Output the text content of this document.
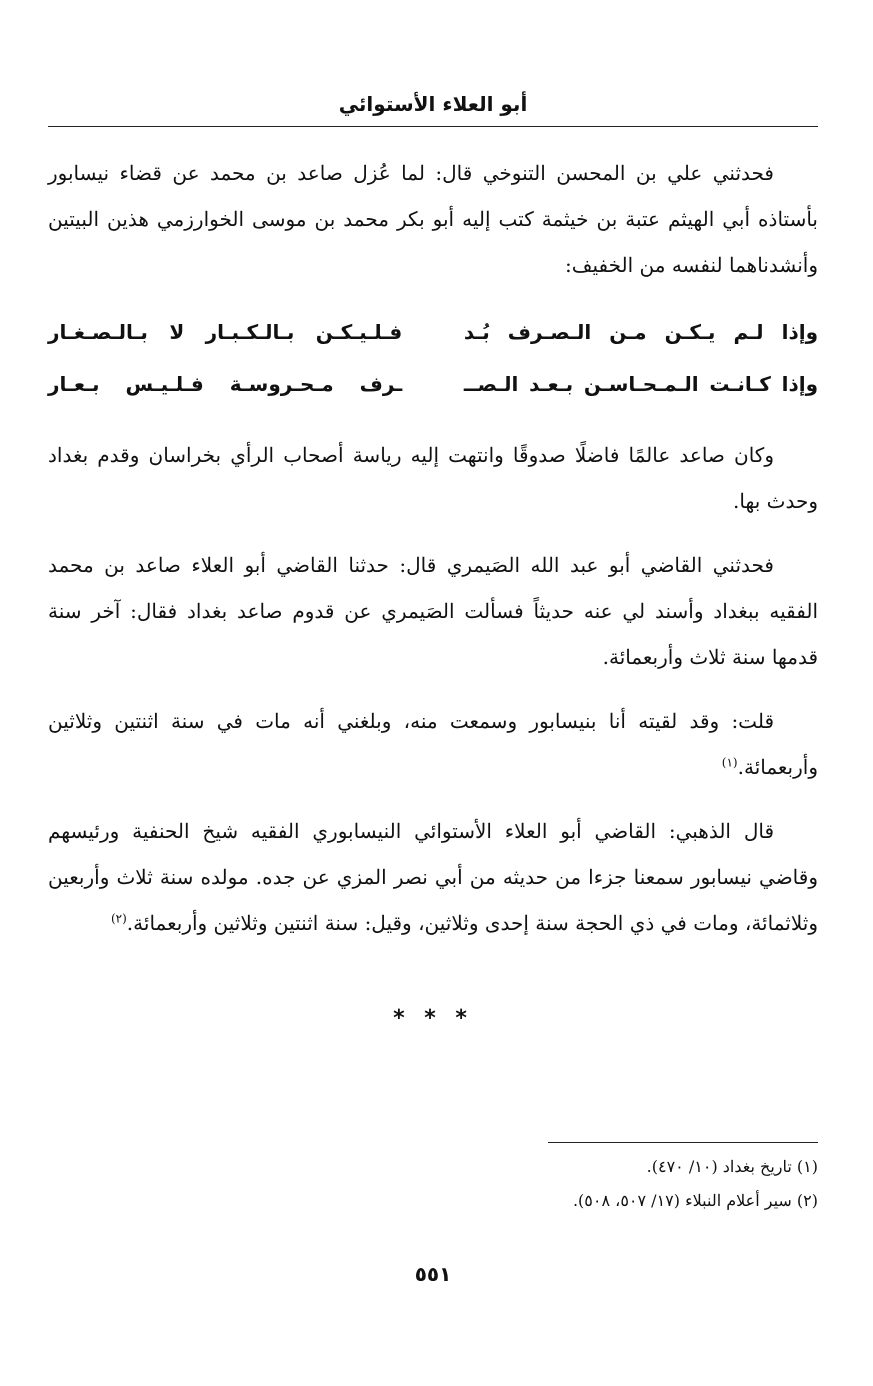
أبو العلاء الأستوائي

فحدثني علي بن المحسن التنوخي قال: لما عُزل صاعد بن محمد عن قضاء نيسابور بأستاذه أبي الهيثم عتبة بن خيثمة كتب إليه أبو بكر محمد بن موسى الخوارزمي هذين البيتين وأنشدناهما لنفسه من الخفيف:

وإذا لـم يـكـن مـن الـصـرف بُـد
فـلـيـكـن بـالـكـبـار لا بـالـصـغـار
وإذا كـانـت الـمـحـاسـن بـعـد الـصــ
ـرف مـحـروسـة فـلـيـس بـعـار

وكان صاعد عالمًا فاضلًا صدوقًا وانتهت إليه رياسة أصحاب الرأي بخراسان وقدم بغداد وحدث بها.

فحدثني القاضي أبو عبد الله الصَيمري قال: حدثنا القاضي أبو العلاء صاعد بن محمد الفقيه ببغداد وأسند لي عنه حديثاً فسألت الصَيمري عن قدوم صاعد بغداد فقال: آخر سنة قدمها سنة ثلاث وأربعمائة.

قلت: وقد لقيته أنا بنيسابور وسمعت منه، وبلغني أنه مات في سنة اثنتين وثلاثين وأربعمائة.$^{(١)}$

قال الذهبي: القاضي أبو العلاء الأستوائي النيسابوري الفقيه شيخ الحنفية ورئيسهم وقاضي نيسابور سمعنا جزءا من حديثه من أبي نصر المزي عن جده. مولده سنة ثلاث وأربعين وثلاثمائة، ومات في ذي الحجة سنة إحدى وثلاثين، وقيل: سنة اثنتين وثلاثين وأربعمائة.$^{(٢)}$

* * *

(١) تاريخ بغداد (١٠/ ٤٧٠).

(٢) سير أعلام النبلاء (١٧/ ٥٠٧، ٥٠٨).

٥٥١
